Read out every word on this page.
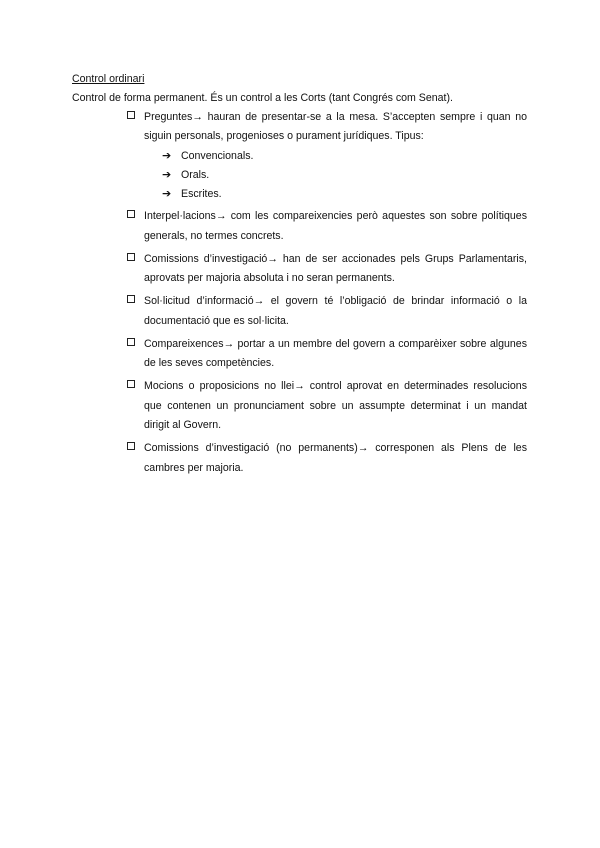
Control ordinari
Control de forma permanent. És un control a les Corts (tant Congrés com Senat).
Preguntes→ hauran de presentar-se a la mesa. S’accepten sempre i quan no siguin personals, progenioses o purament jurídiques. Tipus:
➔ Convencionals.
➔ Orals.
➔ Escrites.
Interpel·lacions→ com les compareixencies però aquestes son sobre polítiques generals, no termes concrets.
Comissions d’investigació→ han de ser accionades pels Grups Parlamentaris, aprovats per majoria absoluta i no seran permanents.
Sol·licitud d’informació→ el govern té l’obligació de brindar informació o la documentació que es sol·licita.
Compareixences→ portar a un membre del govern a comparèixer sobre algunes de les seves competències.
Mocions o proposicions no llei→ control aprovat en determinades resolucions que contenen un pronunciament sobre un assumpte determinat i un mandat dirigit al Govern.
Comissions d’investigació (no permanents)→ corresponen als Plens de les cambres per majoria.
